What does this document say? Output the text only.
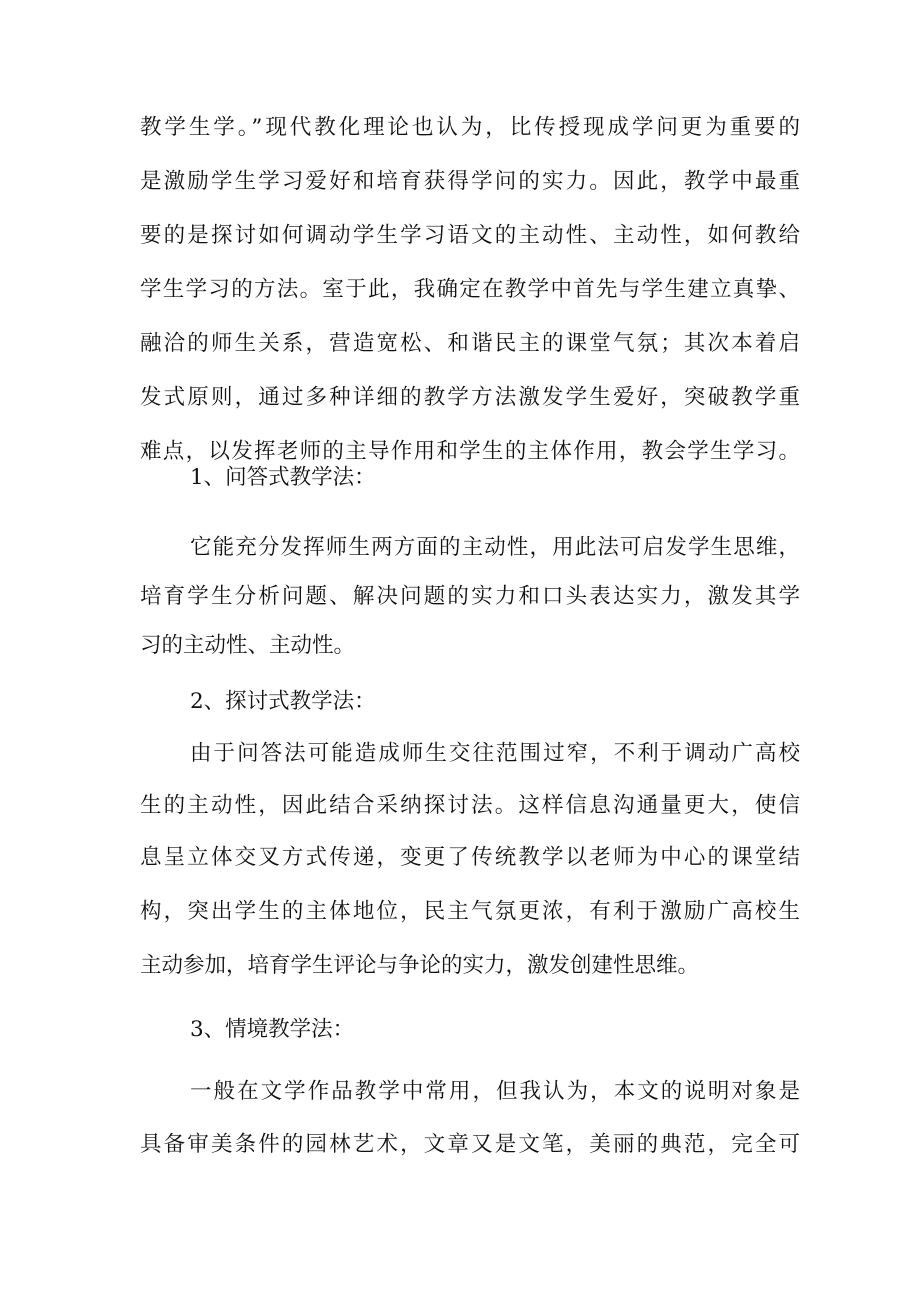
教学生学。”现代教化理论也认为，比传授现成学问更为重要的
是激励学生学习爱好和培育获得学问的实力。因此，教学中最重
要的是探讨如何调动学生学习语文的主动性、主动性，如何教给
学生学习的方法。室于此，我确定在教学中首先与学生建立真挚、
融洽的师生关系，营造宽松、和谐民主的课堂气氛；其次本着启
发式原则，通过多种详细的教学方法激发学生爱好，突破教学重
难点，以发挥老师的主导作用和学生的主体作用，教会学生学习。
1、问答式教学法：
它能充分发挥师生两方面的主动性，用此法可启发学生思维，
培育学生分析问题、解决问题的实力和口头表达实力，激发其学
习的主动性、主动性。
2、探讨式教学法：
由于问答法可能造成师生交往范围过窄，不利于调动广高校
生的主动性，因此结合采纳探讨法。这样信息沟通量更大，使信
息呈立体交叉方式传递，变更了传统教学以老师为中心的课堂结
构，突出学生的主体地位，民主气氛更浓，有利于激励广高校生
主动参加，培育学生评论与争论的实力，激发创建性思维。
3、情境教学法：
一般在文学作品教学中常用，但我认为，本文的说明对象是
具备审美条件的园林艺术，文章又是文笔，美丽的典范，完全可
